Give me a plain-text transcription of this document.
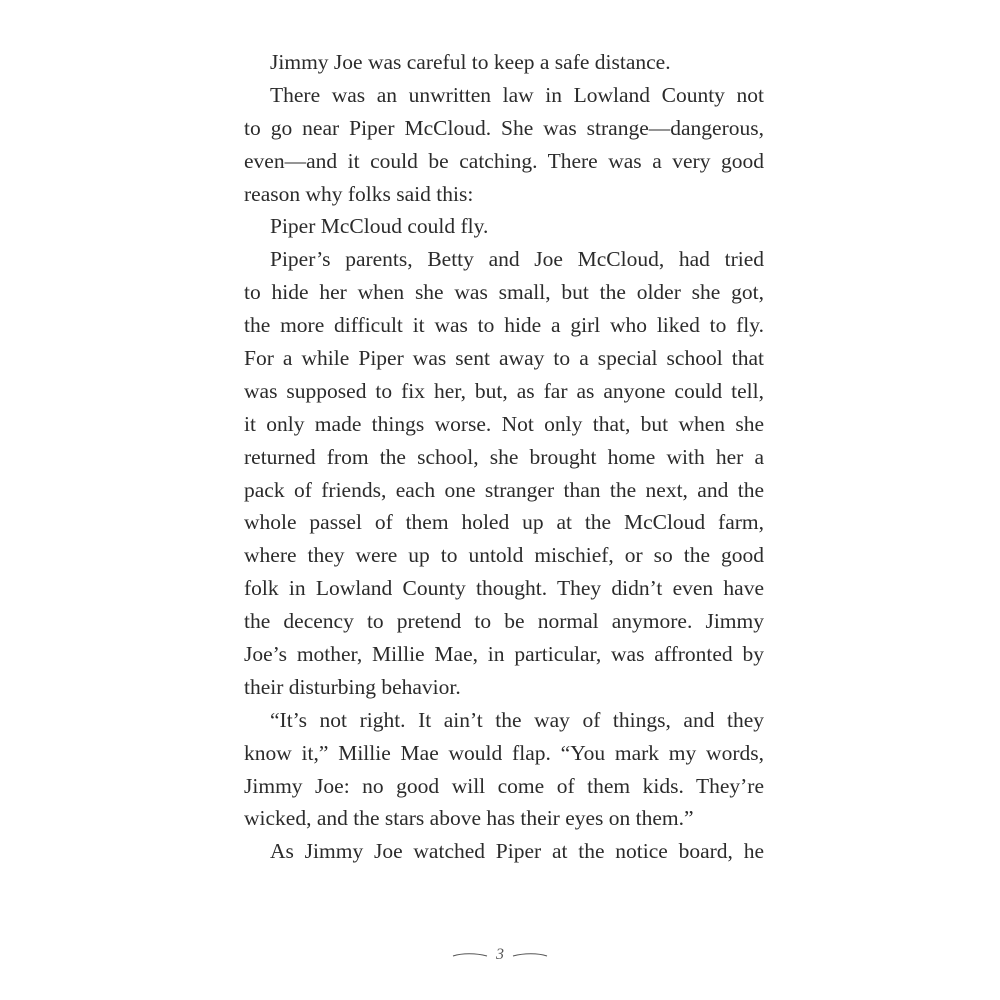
Jimmy Joe was careful to keep a safe distance.
There was an unwritten law in Lowland County not
to go near Piper McCloud. She was strange—dangerous,
even—and it could be catching. There was a very good
reason why folks said this:
Piper McCloud could fly.
Piper’s parents, Betty and Joe McCloud, had tried
to hide her when she was small, but the older she got,
the more difficult it was to hide a girl who liked to fly.
For a while Piper was sent away to a special school that
was supposed to fix her, but, as far as anyone could tell,
it only made things worse. Not only that, but when she
returned from the school, she brought home with her a
pack of friends, each one stranger than the next, and the
whole passel of them holed up at the McCloud farm,
where they were up to untold mischief, or so the good
folk in Lowland County thought. They didn’t even have
the decency to pretend to be normal anymore. Jimmy
Joe’s mother, Millie Mae, in particular, was affronted by
their disturbing behavior.
“It’s not right. It ain’t the way of things, and they
know it,” Millie Mae would flap. “You mark my words,
Jimmy Joe: no good will come of them kids. They’re
wicked, and the stars above has their eyes on them.”
As Jimmy Joe watched Piper at the notice board, he
3
